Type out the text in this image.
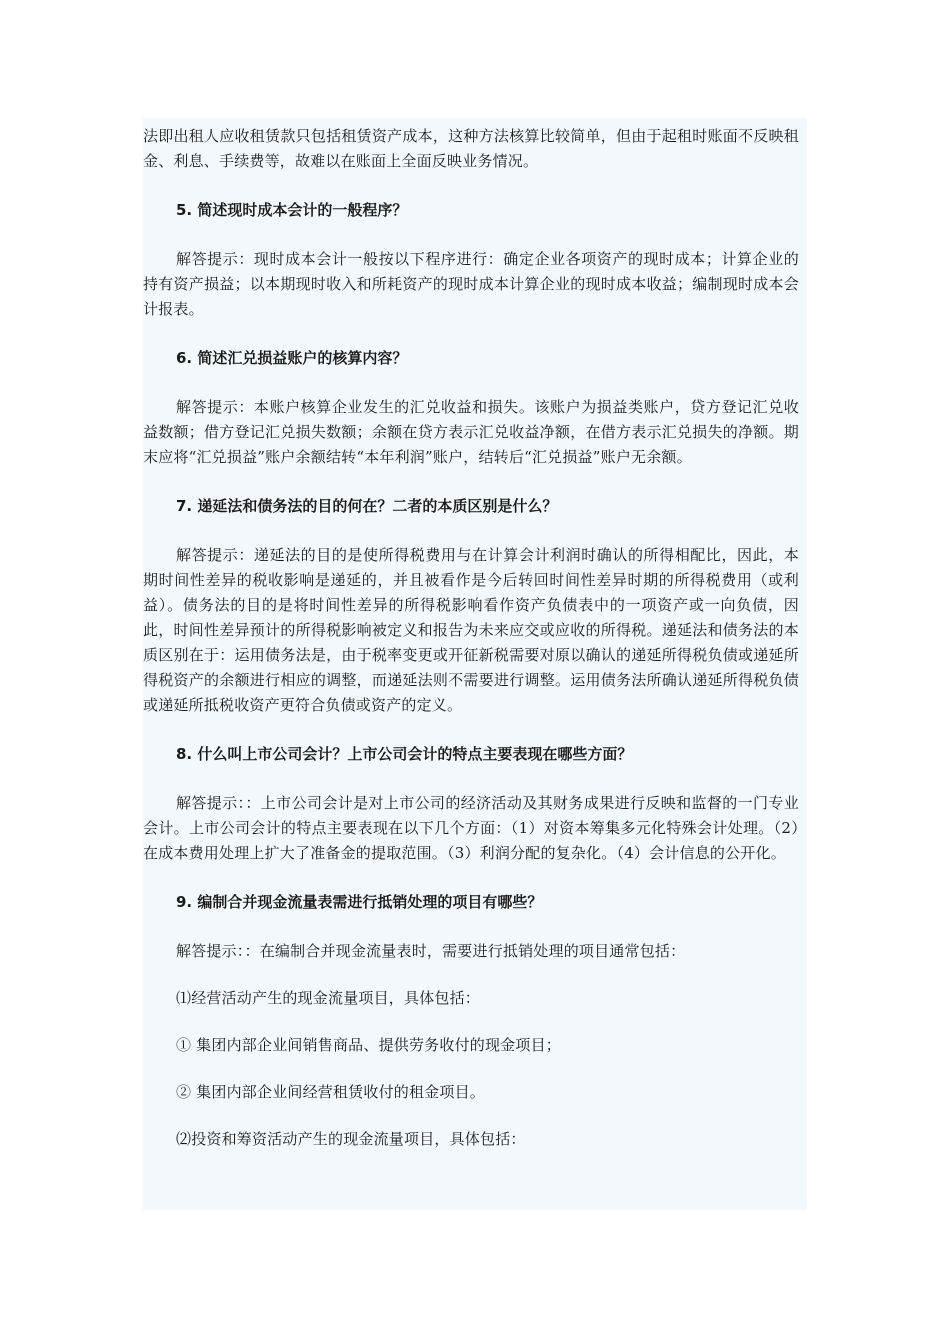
法即出租人应收租赁款只包括租赁资产成本，这种方法核算比较简单，但由于起租时账面不反映租金、利息、手续费等，故难以在账面上全面反映业务情况。

5. 简述现时成本会计的一般程序？

解答提示：现时成本会计一般按以下程序进行：确定企业各项资产的现时成本；计算企业的持有资产损益；以本期现时收入和所耗资产的现时成本计算企业的现时成本收益；编制现时成本会计报表。

6. 简述汇兑损益账户的核算内容？

解答提示：本账户核算企业发生的汇兑收益和损失。该账户为损益类账户，贷方登记汇兑收益数额；借方登记汇兑损失数额；余额在贷方表示汇兑收益净额，在借方表示汇兑损失的净额。期末应将“汇兑损益”账户余额结转“本年利润”账户，结转后“汇兑损益”账户无余额。

7. 递延法和债务法的目的何在？二者的本质区别是什么？

解答提示：递延法的目的是使所得税费用与在计算会计利润时确认的所得相配比，因此，本期时间性差异的税收影响是递延的，并且被看作是今后转回时间性差异时期的所得税费用（或利益）。债务法的目的是将时间性差异的所得税影响看作资产负债表中的一项资产或一向负债，因此，时间性差异预计的所得税影响被定义和报告为未来应交或应收的所得税。递延法和债务法的本质区别在于：运用债务法是，由于税率变更或开征新税需要对原以确认的递延所得税负债或递延所得税资产的余额进行相应的调整，而递延法则不需要进行调整。运用债务法所确认递延所得税负债或递延所抵税收资产更符合负债或资产的定义。

8. 什么叫上市公司会计？上市公司会计的特点主要表现在哪些方面？

解答提示：：上市公司会计是对上市公司的经济活动及其财务成果进行反映和监督的一门专业会计。上市公司会计的特点主要表现在以下几个方面：（1）对资本筹集多元化特殊会计处理。（2）在成本费用处理上扩大了准备金的提取范围。（3）利润分配的复杂化。（4）会计信息的公开化。

9. 编制合并现金流量表需进行抵销处理的项目有哪些？

解答提示：：在编制合并现金流量表时，需要进行抵销处理的项目通常包括：

⑴经营活动产生的现金流量项目，具体包括：

① 集团内部企业间销售商品、提供劳务收付的现金项目；

② 集团内部企业间经营租赁收付的租金项目。

⑵投资和筹资活动产生的现金流量项目，具体包括：
